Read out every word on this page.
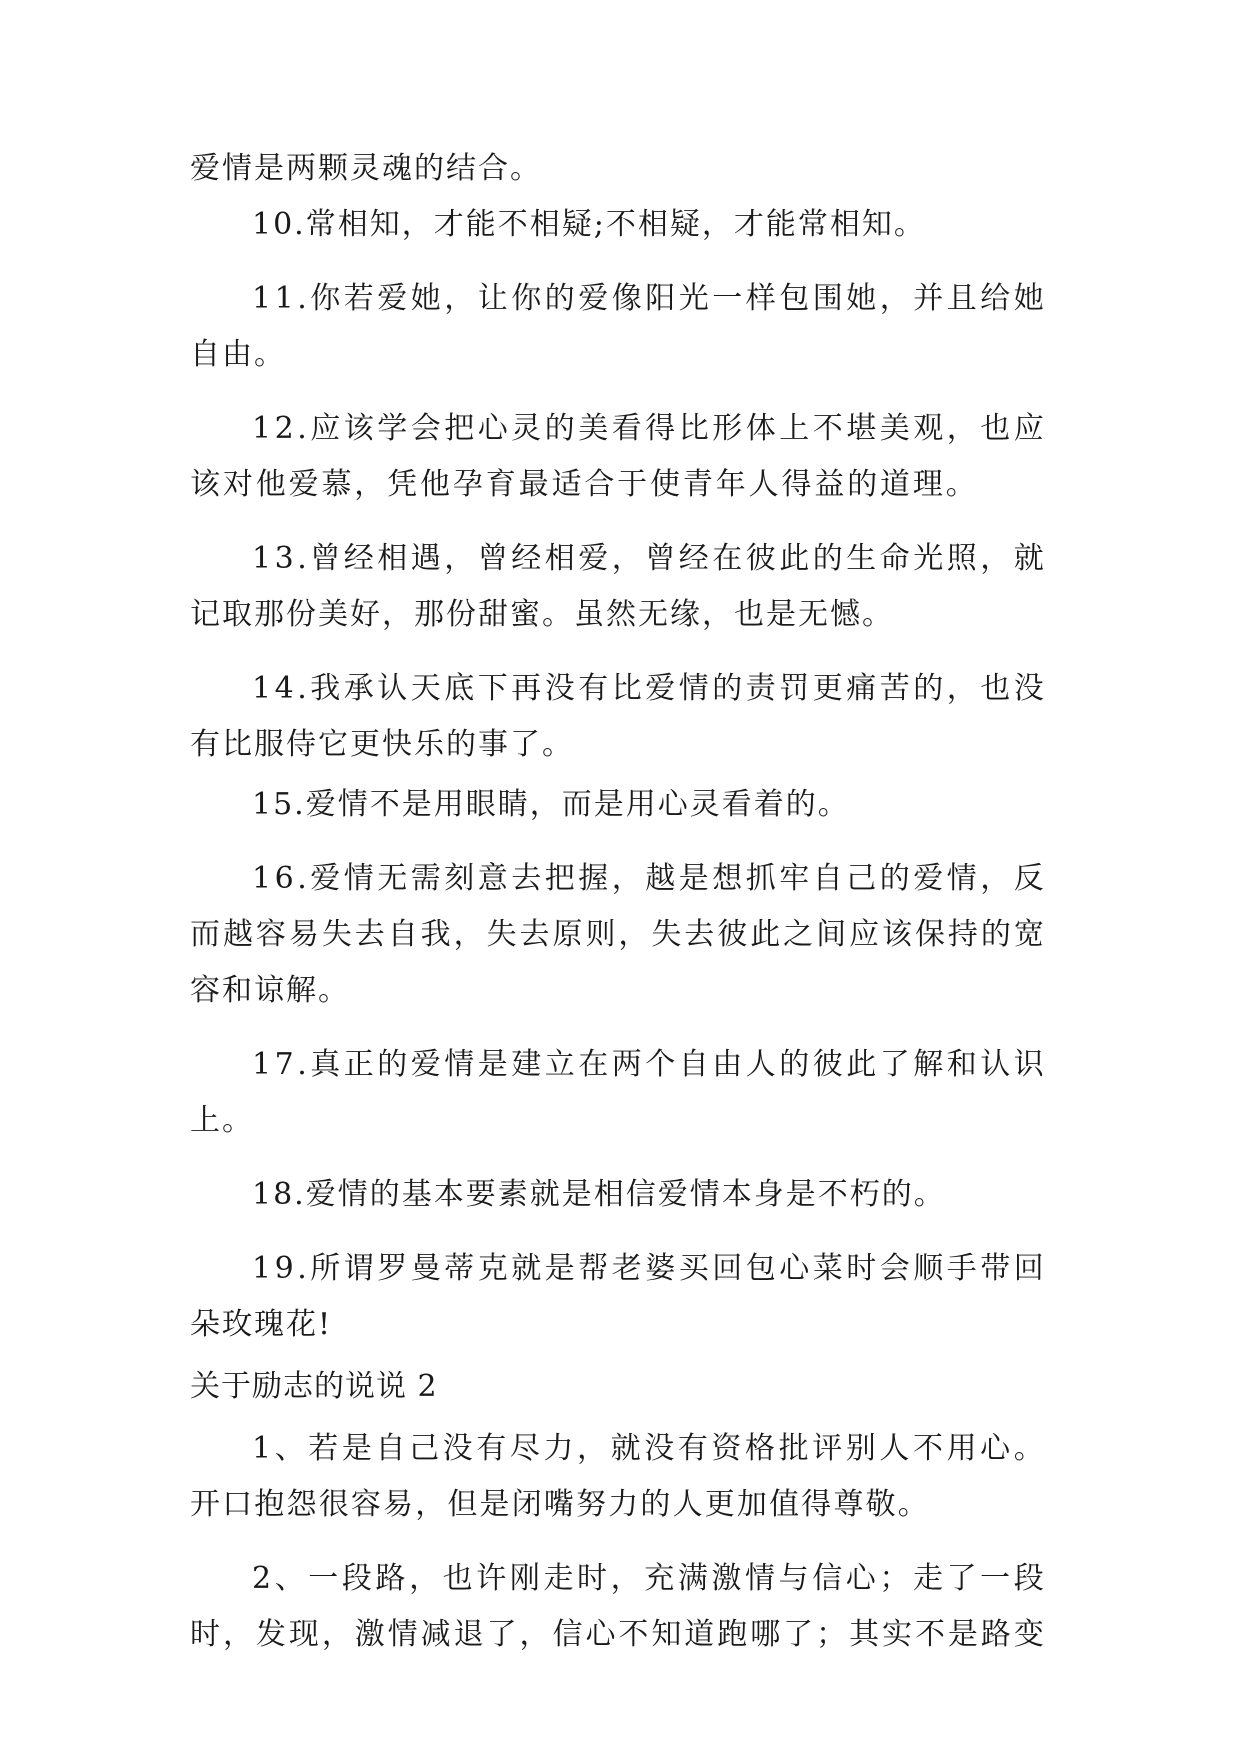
爱情是两颗灵魂的结合。
10.常相知，才能不相疑;不相疑，才能常相知。
1 1 . 你 若 爱 她 ， 让 你 的 爱 像 阳 光 一 样 包 围 她 ， 并 且 给 她
自由。
1 2 . 应 该 学 会 把 心 灵 的 美 看 得 比 形 体 上 不 堪 美 观 ， 也 应
该 对 他 爱 慕 ， 凭 他 孕 育 最 适 合 于 使 青 年 人 得 益 的 道 理 。
1 3 . 曾 经 相 遇 ， 曾 经 相 爱 ， 曾 经 在 彼 此 的 生 命 光 照 ， 就
记取那份美好，那份甜蜜。虽然无缘，也是无憾。
1 4 . 我 承 认 天 底 下 再 没 有 比 爱 情 的 责 罚 更 痛 苦 的 ， 也 没
有比服侍它更快乐的事了。
15.爱情不是用眼睛，而是用心灵看着的。
1 6 . 爱 情 无 需 刻 意 去 把 握 ， 越 是 想 抓 牢 自 己 的 爱 情 ， 反
而 越 容 易 失 去 自 我 ， 失 去 原 则 ， 失 去 彼 此 之 间 应 该 保 持 的 宽
容和谅解。
1 7 . 真 正 的 爱 情 是 建 立 在 两 个 自 由 人 的 彼 此 了 解 和 认 识
上。
18.爱情的基本要素就是相信爱情本身是不朽的。
1 9 . 所 谓 罗 曼 蒂 克 就 是 帮 老 婆 买 回 包 心 菜 时 会 顺 手 带 回
朵玫瑰花!
关于励志的说说 2
1 、 若 是 自 己 没 有 尽 力 ， 就 没 有 资 格 批 评 别 人 不 用 心 。
开 口 抱 怨 很 容 易 ， 但 是 闭 嘴 努 力 的 人 更 加 值 得 尊 敬 。
2 、 一 段 路 ， 也 许 刚 走 时 ， 充 满 激 情 与 信 心 ； 走 了 一 段
时 ， 发 现 ， 激 情 减 退 了 ， 信 心 不 知 道 跑 哪 了 ； 其 实 不 是 路 变
